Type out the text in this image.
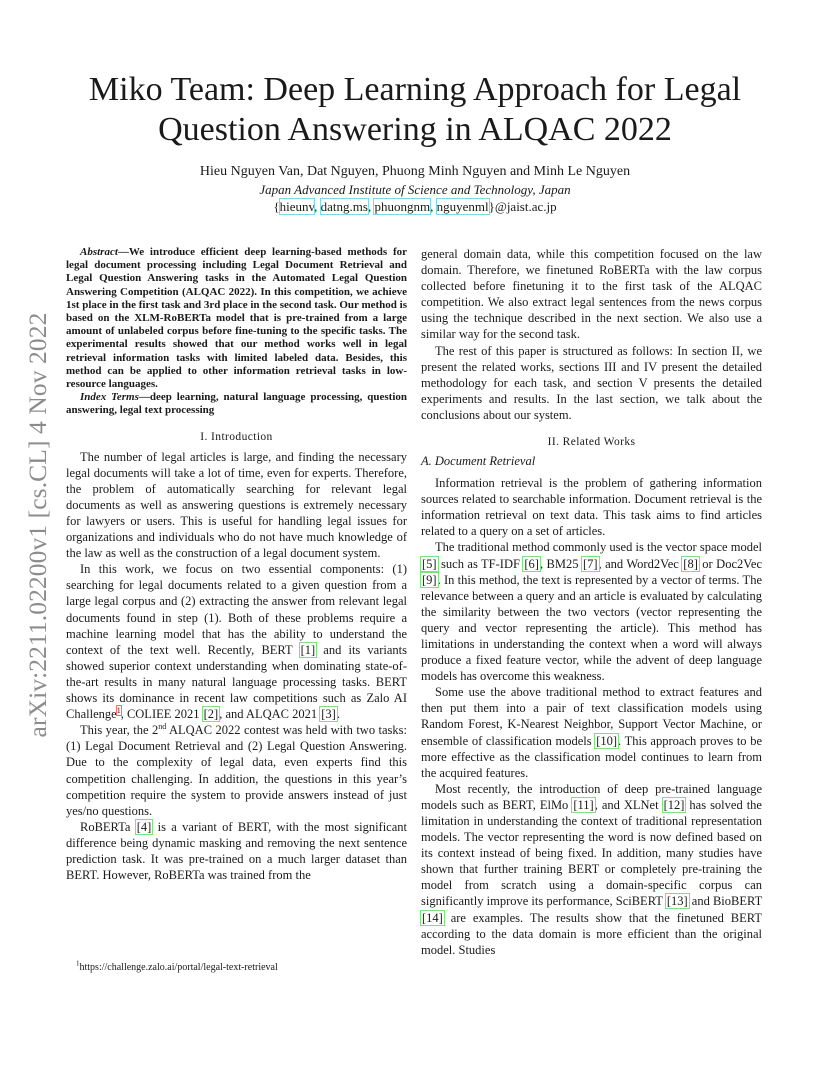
arXiv:2211.02200v1 [cs.CL] 4 Nov 2022
Miko Team: Deep Learning Approach for Legal Question Answering in ALQAC 2022
Hieu Nguyen Van, Dat Nguyen, Phuong Minh Nguyen and Minh Le Nguyen
Japan Advanced Institute of Science and Technology, Japan
{hieunv, datng.ms, phuongnm, nguyenml}@jaist.ac.jp

Abstract—We introduce efficient deep learning-based methods for legal document processing including Legal Document Retrieval and Legal Question Answering tasks in the Automated Legal Question Answering Competition (ALQAC 2022). In this competition, we achieve 1st place in the first task and 3rd place in the second task. Our method is based on the XLM-RoBERTa model that is pre-trained from a large amount of unlabeled corpus before fine-tuning to the specific tasks. The experimental results showed that our method works well in legal retrieval information tasks with limited labeled data. Besides, this method can be applied to other information retrieval tasks in low-resource languages.

Index Terms—deep learning, natural language processing, question answering, legal text processing

I. Introduction

The number of legal articles is large, and finding the necessary legal documents will take a lot of time, even for experts. Therefore, the problem of automatically searching for relevant legal documents as well as answering questions is extremely necessary for lawyers or users. This is useful for handling legal issues for organizations and individuals who do not have much knowledge of the law as well as the construction of a legal document system.

In this work, we focus on two essential components: (1) searching for legal documents related to a given question from a large legal corpus and (2) extracting the answer from relevant legal documents found in step (1). Both of these problems require a machine learning model that has the ability to understand the context of the text well. Recently, BERT [1] and its variants showed superior context understanding when dominating state-of-the-art results in many natural language processing tasks. BERT shows its dominance in recent law competitions such as Zalo AI Challenge$^1$, COLIEE 2021 [2], and ALQAC 2021 [3].

This year, the 2nd ALQAC 2022 contest was held with two tasks: (1) Legal Document Retrieval and (2) Legal Question Answering. Due to the complexity of legal data, even experts find this competition challenging. In addition, the questions in this year’s competition require the system to provide answers instead of just yes/no questions.

RoBERTa [4] is a variant of BERT, with the most significant difference being dynamic masking and removing the next sentence prediction task. It was pre-trained on a much larger dataset than BERT. However, RoBERTa was trained from the

general domain data, while this competition focused on the law domain. Therefore, we finetuned RoBERTa with the law corpus collected before finetuning it to the first task of the ALQAC competition. We also extract legal sentences from the news corpus using the technique described in the next section. We also use a similar way for the second task.

The rest of this paper is structured as follows: In section II, we present the related works, sections III and IV present the detailed methodology for each task, and section V presents the detailed experiments and results. In the last section, we talk about the conclusions about our system.

II. Related Works
A. Document Retrieval

Information retrieval is the problem of gathering information sources related to searchable information. Document retrieval is the information retrieval on text data. This task aims to find articles related to a query on a set of articles.

The traditional method commonly used is the vector space model [5] such as TF-IDF [6], BM25 [7], and Word2Vec [8] or Doc2Vec [9]. In this method, the text is represented by a vector of terms. The relevance between a query and an article is evaluated by calculating the similarity between the two vectors (vector representing the query and vector representing the article). This method has limitations in understanding the context when a word will always produce a fixed feature vector, while the advent of deep language models has overcome this weakness.

Some use the above traditional method to extract features and then put them into a pair of text classification models using Random Forest, K-Nearest Neighbor, Support Vector Machine, or ensemble of classification models [10]. This approach proves to be more effective as the classification model continues to learn from the acquired features.

Most recently, the introduction of deep pre-trained language models such as BERT, ElMo [11], and XLNet [12] has solved the limitation in understanding the context of traditional representation models. The vector representing the word is now defined based on its context instead of being fixed. In addition, many studies have shown that further training BERT or completely pre-training the model from scratch using a domain-specific corpus can significantly improve its performance, SciBERT [13] and BioBERT [14] are examples. The results show that the finetuned BERT according to the data domain is more efficient than the original model. Studies

$^1$https://challenge.zalo.ai/portal/legal-text-retrieval
